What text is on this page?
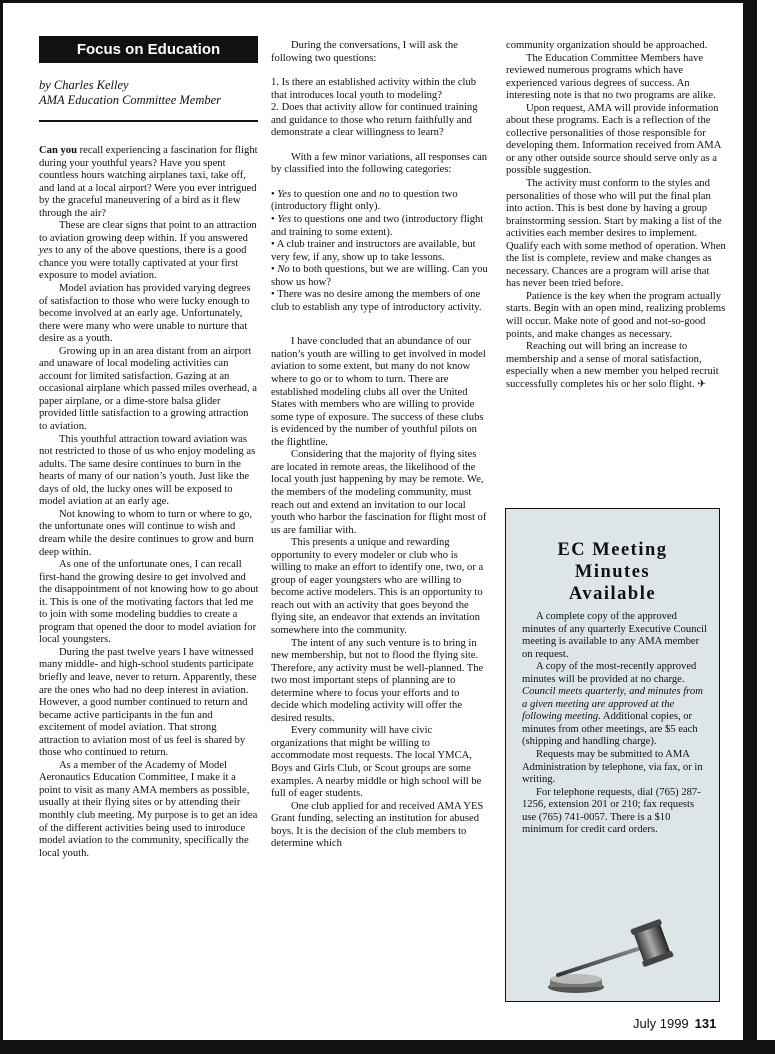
Focus on Education
by Charles Kelley
AMA Education Committee Member

Can you recall experiencing a fascination for flight during your youthful years? Have you spent countless hours watching airplanes taxi, take off, and land at a local airport? Were you ever intrigued by the graceful maneuvering of a bird as it flew through the air?

These are clear signs that point to an attraction to aviation growing deep within. If you answered yes to any of the above questions, there is a good chance you were totally captivated at your first exposure to model aviation.

Model aviation has provided varying degrees of satisfaction to those who were lucky enough to become involved at an early age. Unfortunately, there were many who were unable to nurture that desire as a youth.

Growing up in an area distant from an airport and unaware of local modeling activities can account for limited satisfaction. Gazing at an occasional airplane which passed miles overhead, a paper airplane, or a dime-store balsa glider provided little satisfaction to a growing attraction to aviation.

This youthful attraction toward aviation was not restricted to those of us who enjoy modeling as adults. The same desire continues to burn in the hearts of many of our nation’s youth. Just like the days of old, the lucky ones will be exposed to model aviation at an early age.

Not knowing to whom to turn or where to go, the unfortunate ones will continue to wish and dream while the desire continues to grow and burn deep within.

As one of the unfortunate ones, I can recall first-hand the growing desire to get involved and the disappointment of not knowing how to go about it. This is one of the motivating factors that led me to join with some modeling buddies to create a program that opened the door to model aviation for local youngsters.

During the past twelve years I have witnessed many middle- and high-school students participate briefly and leave, never to return. Apparently, these are the ones who had no deep interest in aviation. However, a good number continued to return and became active participants in the fun and excitement of model aviation. That strong attraction to aviation most of us feel is shared by those who continued to return.

As a member of the Academy of Model Aeronautics Education Committee, I make it a point to visit as many AMA members as possible, usually at their flying sites or by attending their monthly club meeting. My purpose is to get an idea of the different activities being used to introduce model aviation to the community, specifically the local youth.

During the conversations, I will ask the following two questions:

1. Is there an established activity within the club that introduces local youth to modeling?

2. Does that activity allow for continued training and guidance to those who return faithfully and demonstrate a clear willingness to learn?

With a few minor variations, all responses can by classified into the following categories:

• Yes to question one and no to question two (introductory flight only).

• Yes to questions one and two (introductory flight and training to some extent).

• A club trainer and instructors are available, but very few, if any, show up to take lessons.

• No to both questions, but we are willing. Can you show us how?

• There was no desire among the members of one club to establish any type of introductory activity.

I have concluded that an abundance of our nation’s youth are willing to get involved in model aviation to some extent, but many do not know where to go or to whom to turn. There are established modeling clubs all over the United States with members who are willing to provide some type of exposure. The success of these clubs is evidenced by the number of youthful pilots on the flightline.

Considering that the majority of flying sites are located in remote areas, the likelihood of the local youth just happening by may be remote. We, the members of the modeling community, must reach out and extend an invitation to our local youth who harbor the fascination for flight most of us are familiar with.

This presents a unique and rewarding opportunity to every modeler or club who is willing to make an effort to identify one, two, or a group of eager youngsters who are willing to become active modelers. This is an opportunity to reach out with an activity that goes beyond the flying site, an endeavor that extends an invitation somewhere into the community.

The intent of any such venture is to bring in new membership, but not to flood the flying site. Therefore, any activity must be well-planned. The two most important steps of planning are to determine where to focus your efforts and to decide which modeling activity will offer the desired results.

Every community will have civic organizations that might be willing to accommodate most requests. The local YMCA, Boys and Girls Club, or Scout groups are some examples. A nearby middle or high school will be full of eager students.

One club applied for and received AMA YES Grant funding, selecting an institution for abused boys. It is the decision of the club members to determine which

community organization should be approached.

The Education Committee Members have reviewed numerous programs which have experienced various degrees of success. An interesting note is that no two programs are alike.

Upon request, AMA will provide information about these programs. Each is a reflection of the collective personalities of those responsible for developing them. Information received from AMA or any other outside source should serve only as a possible suggestion.

The activity must conform to the styles and personalities of those who will put the final plan into action. This is best done by having a group brainstorming session. Start by making a list of the activities each member desires to implement. Qualify each with some method of operation. When the list is complete, review and make changes as necessary. Chances are a program will arise that has never been tried before.

Patience is the key when the program actually starts. Begin with an open mind, realizing problems will occur. Make note of good and not-so-good points, and make changes as necessary.

Reaching out will bring an increase to membership and a sense of moral satisfaction, especially when a new member you helped recruit successfully completes his or her solo flight. ✈

EC Meeting
Minutes
Available

A complete copy of the approved minutes of any quarterly Executive Council meeting is available to any AMA member on request.

A copy of the most-recently approved minutes will be provided at no charge. Council meets quarterly, and minutes from a given meeting are approved at the following meeting. Additional copies, or minutes from other meetings, are $5 each (shipping and handling charge).

Requests may be submitted to AMA Administration by telephone, via fax, or in writing.

For telephone requests, dial (765) 287-1256, extension 201 or 210; fax requests use (765) 741-0057. There is a $10 minimum for credit card orders.

July 1999 131
